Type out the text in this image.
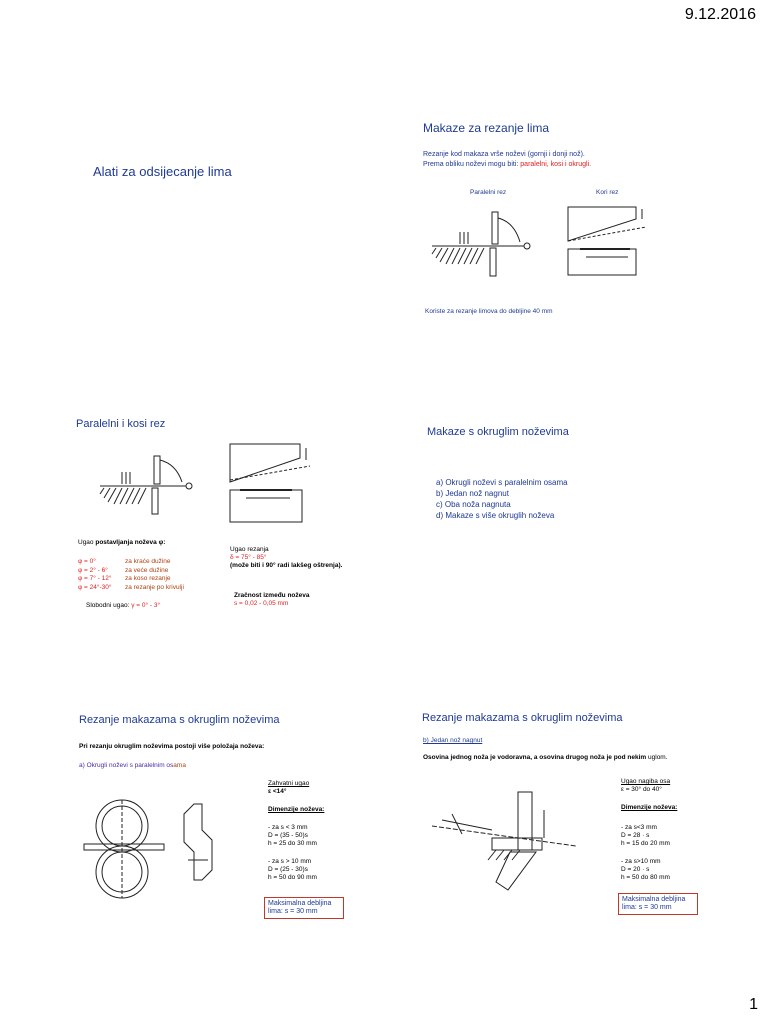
9.12.2016
1
Alati za odsijecanje lima
Makaze za rezanje lima
Rezanje kod makaza vrše noževi (gornji i donji nož).
Prema obliku noževi mogu biti: paralelni, kosi i okrugli.
Paralelni rez	Kori rez
Koriste za rezanje limova do debljine 40 mm
Paralelni i kosi rez
Ugao postavljanja noževa φ:
φ = 0°	za kraće dužine
φ = 2° - 6°	za veće dužine
φ = 7° - 12°	za koso rezanje
φ = 24°-30°	za rezanje po krivulji
Slobodni ugao: γ = 0° - 3°
Ugao rezanja
δ = 75° - 85°
(može biti i 90° radi lakšeg oštrenja).
Zračnost između noževa
s = 0,02 - 0,05 mm
Makaze s okruglim noževima
a) Okrugli noževi s paralelnim osama
b) Jedan nož nagnut
c) Oba noža nagnuta
d) Makaze s više okruglih noževa
Rezanje makazama s okruglim noževima
Pri rezanju okruglim noževima postoji više položaja noževa:
a) Okrugli noževi s paralelnim osama
Zahvatni ugao
ε <14°
Dimenzije noževa:
- za s < 3 mm
D = (35 - 50)s
h = 25 do 30 mm
- za s > 10 mm
D = (25 - 30)s
h = 50 do 90 mm
Maksimalna debljina lima: s = 30 mm
Rezanje makazama s okruglim noževima
b) Jedan nož nagnut
Osovina jednog noža je vodoravna, a osovina drugog noža je pod nekim uglom.
Ugao nagiba osa
ε = 30° do 40°
Dimenzije noževa:
- za s<3 mm
D = 28 · s
h = 15 do 20 mm
- za s>10 mm
D = 20 · s
h = 50 do 80 mm
Maksimalna debljina lima: s = 30 mm
